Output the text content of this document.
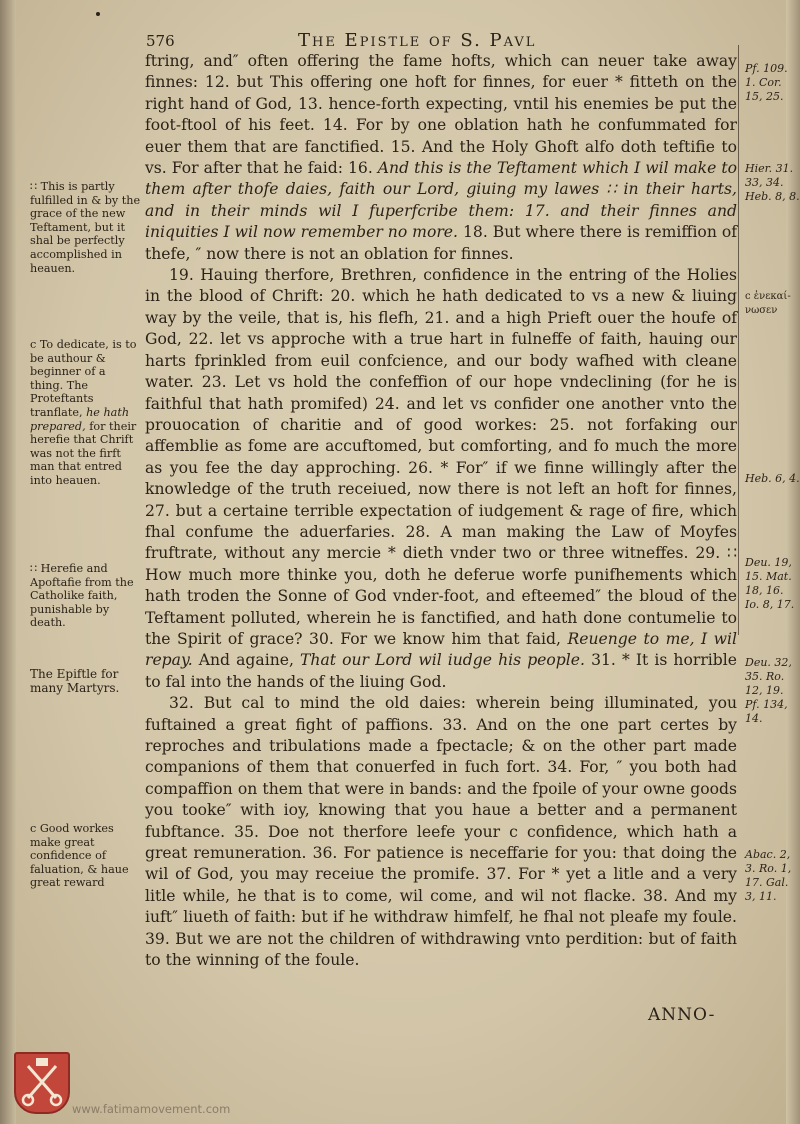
576	The Epistle of S. Pavl

ftring, and″ often offering the fame hofts, which can neuer take away finnes: 12. but This offering one hoft for finnes, for euer * fitteth on the right hand of God, 13. hence-forth expecting, vntil his enemies be put the foot-ftool of his feet. 14. For by one oblation hath he confummated for euer them that are fanctified. 15. And the Holy Ghoft alfo doth teftifie to vs. For after that he faid: 16. And this is the Teftament which I wil make to them after thofe daies, faith our Lord, giuing my lawes ∷ in their harts, and in their minds wil I fuperfcribe them: 17. and their finnes and iniquities I wil now remember no more. 18. But where there is remiffion of thefe, ″ now there is not an oblation for finnes.

19. Hauing therfore, Brethren, confidence in the entring of the Holies in the blood of Chrift: 20. which he hath dedicated to vs a new & liuing way by the veile, that is, his flefh, 21. and a high Prieft ouer the houfe of God, 22. let vs approche with a true hart in fulneffe of faith, hauing our harts fprinkled from euil confcience, and our body wafhed with cleane water. 23. Let vs hold the confeffion of our hope vndeclining (for he is faithful that hath promifed) 24. and let vs confider one another vnto the prouocation of charitie and of good workes: 25. not forfaking our affemblie as fome are accuftomed, but comforting, and fo much the more as you fee the day approching. 26. * For″ if we finne willingly after the knowledge of the truth receiued, now there is not left an hoft for finnes, 27. but a certaine terrible expectation of iudgement & rage of fire, which fhal confume the aduerfaries. 28. A man making the Law of Moyfes fruftrate, without any mercie * dieth vnder two or three witneffes. 29. ∷ How much more thinke you, doth he deferue worfe punifhements which hath troden the Sonne of God vnder-foot, and efteemed″ the bloud of the Teftament polluted, wherein he is fanctified, and hath done contumelie to the Spirit of grace? 30. For we know him that faid, Reuenge to me, I wil repay. And againe, That our Lord wil iudge his people. 31. * It is horrible to fal into the hands of the liuing God.

32. But cal to mind the old daies: wherein being illuminated, you fuftained a great fight of paffions. 33. And on the one part certes by reproches and tribulations made a fpectacle; & on the other part made companions of them that conuerfed in fuch fort. 34. For, ″ you both had compaffion on them that were in bands: and the fpoile of your owne goods you tooke″ with ioy, knowing that you haue a better and a permanent fubftance. 35. Doe not therfore leefe your c confidence, which hath a great remuneration. 36. For patience is neceffarie for you: that doing the wil of God, you may receiue the promife. 37. For * yet a litle and a very litle while, he that is to come, wil come, and wil not flacke. 38. And my iuft″ liueth of faith: but if he withdraw himfelf, he fhal not pleafe my foule. 39. But we are not the children of withdrawing vnto perdition: but of faith to the winning of the foule.

ANNO-
∷ This is partly fulfilled in & by the grace of the new Teftament, but it shal be perfectly accomplished in heauen.
c To dedicate, is to be authour & beginner of a thing. The Proteftants tranflate, he hath prepared, for their herefie that Chrift was not the firft man that entred into heauen.
∷ Herefie and Apoftafie from the Catholike faith, punishable by death.
The Epiftle for many Martyrs.
c Good workes make great confidence of faluation, & haue great reward
Pf. 109. 1. Cor. 15, 25.
Hier. 31. 33, 34. Heb. 8, 8.
c ἐνεκαί-νωσεν
Heb. 6, 4.
Deu. 19, 15. Mat. 18, 16. Io. 8, 17.
Deu. 32, 35. Ro. 12, 19. Pf. 134, 14.
Abac. 2, 3. Ro. 1, 17. Gal. 3, 11.
www.fatimamovement.com
